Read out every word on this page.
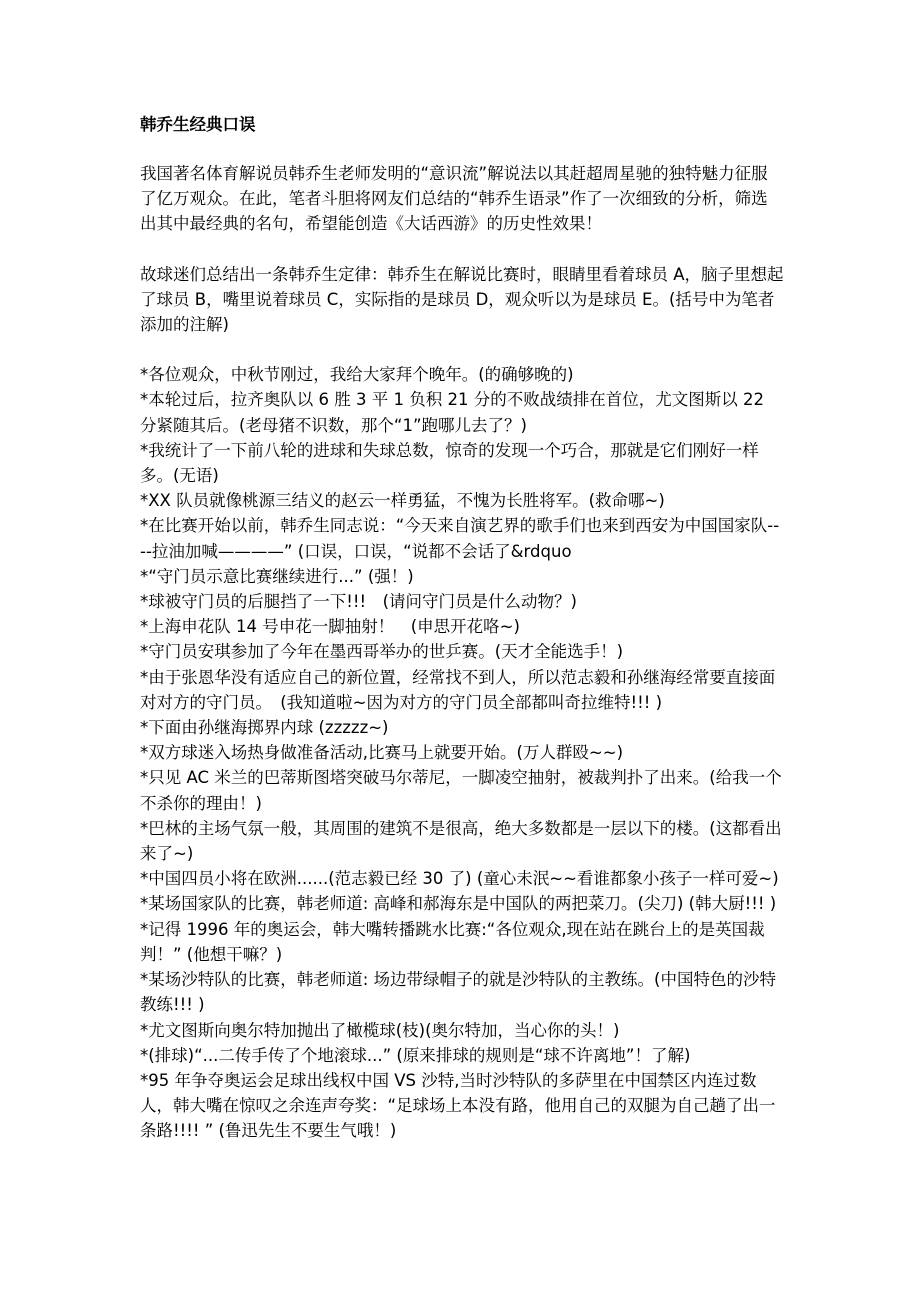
韩乔生经典口误

我国著名体育解说员韩乔生老师发明的“意识流”解说法以其赶超周星驰的独特魅力征服了亿万观众。在此，笔者斗胆将网友们总结的“韩乔生语录”作了一次细致的分析，筛选出其中最经典的名句，希望能创造《大话西游》的历史性效果！

故球迷们总结出一条韩乔生定律：韩乔生在解说比赛时，眼睛里看着球员 A，脑子里想起了球员 B，嘴里说着球员 C，实际指的是球员 D，观众听以为是球员 E。(括号中为笔者添加的注解)

*各位观众，中秋节刚过，我给大家拜个晚年。(的确够晚的)
*本轮过后，拉齐奥队以 6 胜 3 平 1 负积 21 分的不败战绩排在首位，尤文图斯以 22 分紧随其后。(老母猪不识数，那个“1”跑哪儿去了？)
*我统计了一下前八轮的进球和失球总数，惊奇的发现一个巧合，那就是它们刚好一样多。(无语)
*XX 队员就像桃源三结义的赵云一样勇猛，不愧为长胜将军。(救命哪~)
*在比赛开始以前，韩乔生同志说：“今天来自演艺界的歌手们也来到西安为中国国家队----拉油加喊————” (口误，口误，“说都不会话了&rdquo
*“守门员示意比赛继续进行...” (强！)
*球被守门员的后腿挡了一下!!!　(请问守门员是什么动物？)
*上海申花队 14 号申花一脚抽射！　(申思开花咯~)
*守门员安琪参加了今年在墨西哥举办的世乒赛。(天才全能选手！)
*由于张恩华没有适应自己的新位置，经常找不到人，所以范志毅和孙继海经常要直接面对对方的守门员。　(我知道啦~因为对方的守门员全部都叫奇拉维特!!! )
*下面由孙继海掷界内球 (zzzzz~)
*双方球迷入场热身做准备活动,比赛马上就要开始。(万人群殴~~)
*只见 AC 米兰的巴蒂斯图塔突破马尔蒂尼，一脚凌空抽射，被裁判扑了出来。(给我一个不杀你的理由！)
*巴林的主场气氛一般，其周围的建筑不是很高，绝大多数都是一层以下的楼。(这都看出来了~)
*中国四员小将在欧洲......(范志毅已经 30 了) (童心未泯~~看谁都象小孩子一样可爱~)
*某场国家队的比赛，韩老师道: 高峰和郝海东是中国队的两把菜刀。(尖刀) (韩大厨!!! )
*记得 1996 年的奥运会，韩大嘴转播跳水比赛:“各位观众,现在站在跳台上的是英国裁判！” (他想干嘛？)
*某场沙特队的比赛，韩老师道: 场边带绿帽子的就是沙特队的主教练。(中国特色的沙特教练!!! )
*尤文图斯向奥尔特加抛出了橄榄球(枝)(奥尔特加，当心你的头！)
*(排球)“...二传手传了个地滚球...” (原来排球的规则是“球不许离地”！了解)
*95 年争夺奥运会足球出线权中国 VS 沙特,当时沙特队的多萨里在中国禁区内连过数人，韩大嘴在惊叹之余连声夸奖：“足球场上本没有路，他用自己的双腿为自己趟了出一条路!!!! ” (鲁迅先生不要生气哦！)
